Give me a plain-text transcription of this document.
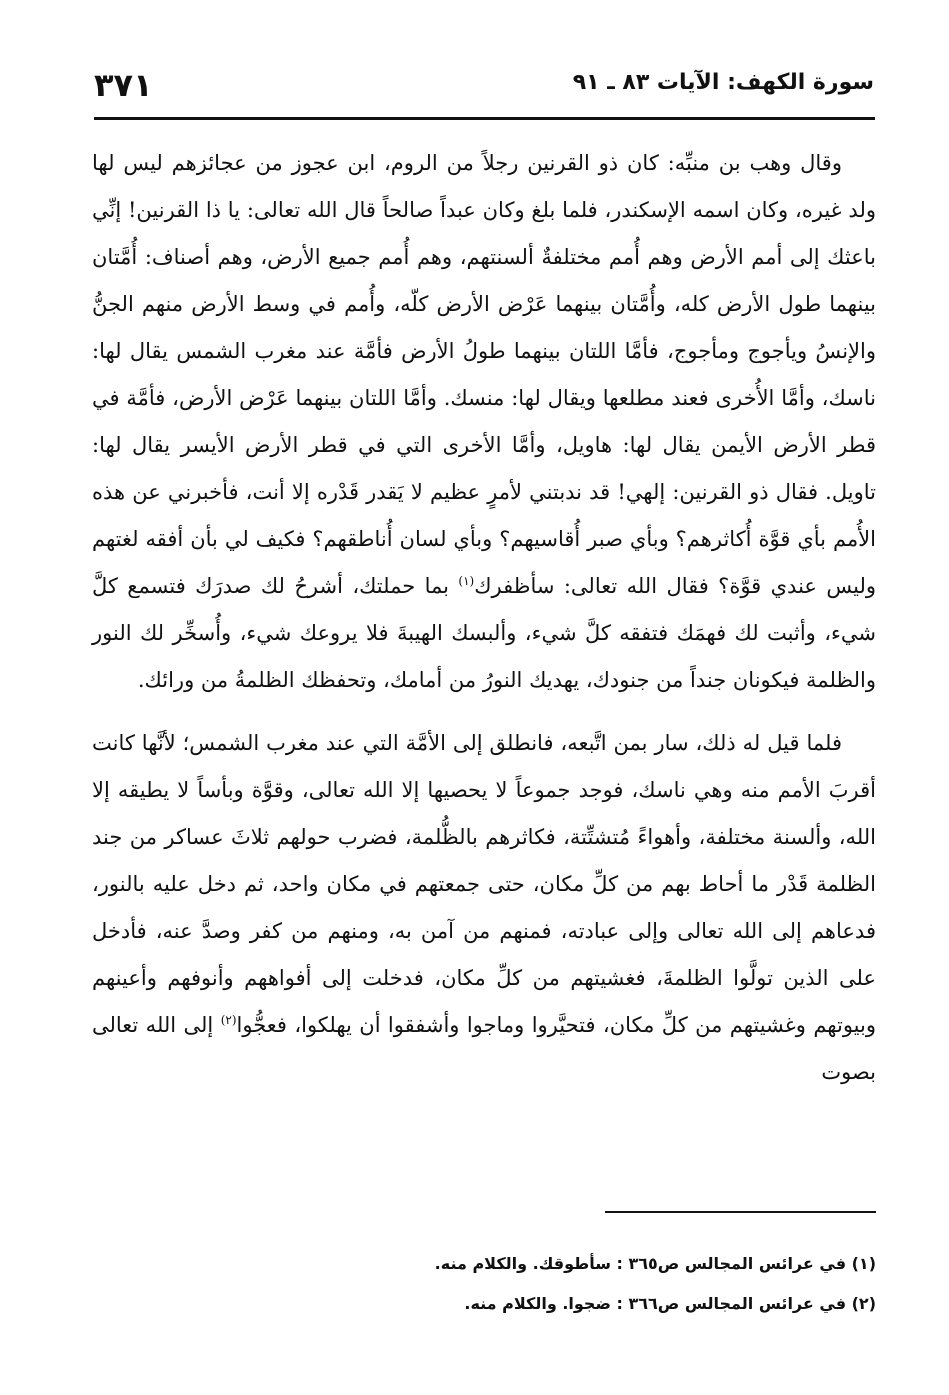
سورة الكهف: الآيات ٨٣ ـ ٩١
٣٧١

وقال وهب بن منبِّه: كان ذو القرنين رجلاً من الروم، ابن عجوز من عجائزهم ليس لها ولد غيره، وكان اسمه الإسكندر، فلما بلغ وكان عبداً صالحاً قال الله تعالى: يا ذا القرنين! إنِّي باعثك إلى أمم الأرض وهم أُمم مختلفةٌ ألسنتهم، وهم أُمم جميع الأرض، وهم أصناف: أُمَّتان بينهما طول الأرض كله، وأُمَّتان بينهما عَرْض الأرض كلّه، وأُمم في وسط الأرض منهم الجنُّ والإنسُ ويأجوج ومأجوج، فأمَّا اللتان بينهما طولُ الأرض فأمَّة عند مغرب الشمس يقال لها: ناسك، وأمَّا الأُخرى فعند مطلعها ويقال لها: منسك. وأمَّا اللتان بينهما عَرْض الأرض، فأمَّة في قطر الأرض الأيمن يقال لها: هاويل، وأمَّا الأخرى التي في قطر الأرض الأيسر يقال لها: تاويل. فقال ذو القرنين: إلهي! قد ندبتني لأمرٍ عظيم لا يَقدر قَدْره إلا أنت، فأخبرني عن هذه الأُمم بأي قوَّة أُكاثرهم؟ وبأي صبر أُقاسيهم؟ وبأي لسان أُناطقهم؟ فكيف لي بأن أفقه لغتهم وليس عندي قوَّة؟ فقال الله تعالى: سأظفرك$^{(١)}$ بما حملتك، أشرحُ لك صدرَك فتسمع كلَّ شيء، وأثبت لك فهمَك فتفقه كلَّ شيء، وألبسك الهيبةَ فلا يروعك شيء، وأُسخِّر لك النور والظلمة فيكونان جنداً من جنودك، يهديك النورُ من أمامك، وتحفظك الظلمةُ من ورائك.

فلما قيل له ذلك، سار بمن اتَّبعه، فانطلق إلى الأمَّة التي عند مغرب الشمس؛ لأنَّها كانت أقربَ الأمم منه وهي ناسك، فوجد جموعاً لا يحصيها إلا الله تعالى، وقوَّة وبأساً لا يطيقه إلا الله، وألسنة مختلفة، وأهواءً مُتشتِّتة، فكاثرهم بالظُّلمة، فضرب حولهم ثلاثَ عساكر من جند الظلمة قَدْر ما أحاط بهم من كلِّ مكان، حتى جمعتهم في مكان واحد، ثم دخل عليه بالنور، فدعاهم إلى الله تعالى وإلى عبادته، فمنهم من آمن به، ومنهم من كفر وصدَّ عنه، فأدخل على الذين تولَّوا الظلمةَ، فغشيتهم من كلِّ مكان، فدخلت إلى أفواههم وأنوفهم وأعينهم وبيوتهم وغشيتهم من كلِّ مكان، فتحيَّروا وماجوا وأشفقوا أن يهلكوا، فعجُّوا$^{(٢)}$ إلى الله تعالى بصوت

(١) في عرائس المجالس ص٣٦٥ : سأطوقك. والكلام منه.

(٢) في عرائس المجالس ص٣٦٦ : ضجوا. والكلام منه.
